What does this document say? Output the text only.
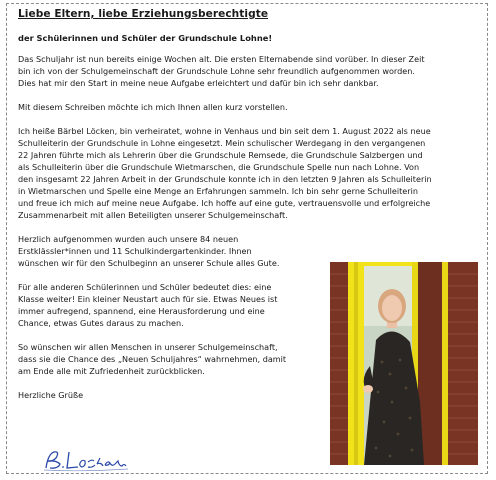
Liebe Eltern, liebe Erziehungsberechtigte
der Schülerinnen und Schüler der Grundschule Lohne!
Das Schuljahr ist nun bereits einige Wochen alt. Die ersten Elternabende sind vorüber. In dieser Zeit
bin ich von der Schulgemeinschaft der Grundschule Lohne sehr freundlich aufgenommen worden.
Dies hat mir den Start in meine neue Aufgabe erleichtert und dafür bin ich sehr dankbar.
Mit diesem Schreiben möchte ich mich Ihnen allen kurz vorstellen.
Ich heiße Bärbel Löcken, bin verheiratet, wohne in Venhaus und bin seit dem 1. August 2022 als neue
Schulleiterin der Grundschule in Lohne eingesetzt. Mein schulischer Werdegang in den vergangenen
22 Jahren führte mich als Lehrerin über die Grundschule Remsede, die Grundschule Salzbergen und
als Schulleiterin über die Grundschule Wietmarschen, die Grundschule Spelle nun nach Lohne. Von
den insgesamt 22 Jahren Arbeit in der Grundschule konnte ich in den letzten 9 Jahren als Schulleiterin
in Wietmarschen und Spelle eine Menge an Erfahrungen sammeln. Ich bin sehr gerne Schulleiterin
und freue ich mich auf meine neue Aufgabe. Ich hoffe auf eine gute, vertrauensvolle und erfolgreiche
Zusammenarbeit mit allen Beteiligten unserer Schulgemeinschaft.
Herzlich aufgenommen wurden auch unsere 84 neuen
Erstklässler*innen und 11 Schulkindergartenkinder. Ihnen
wünschen wir für den Schulbeginn an unserer Schule alles Gute.
Für alle anderen Schülerinnen und Schüler bedeutet dies: eine
Klasse weiter! Ein kleiner Neustart auch für sie. Etwas Neues ist
immer aufregend, spannend, eine Herausforderung und eine
Chance, etwas Gutes daraus zu machen.
So wünschen wir allen Menschen in unserer Schulgemeinschaft,
dass sie die Chance des „Neuen Schuljahres“ wahrnehmen, damit
am Ende alle mit Zufriedenheit zurückblicken.
Herzliche Grüße
